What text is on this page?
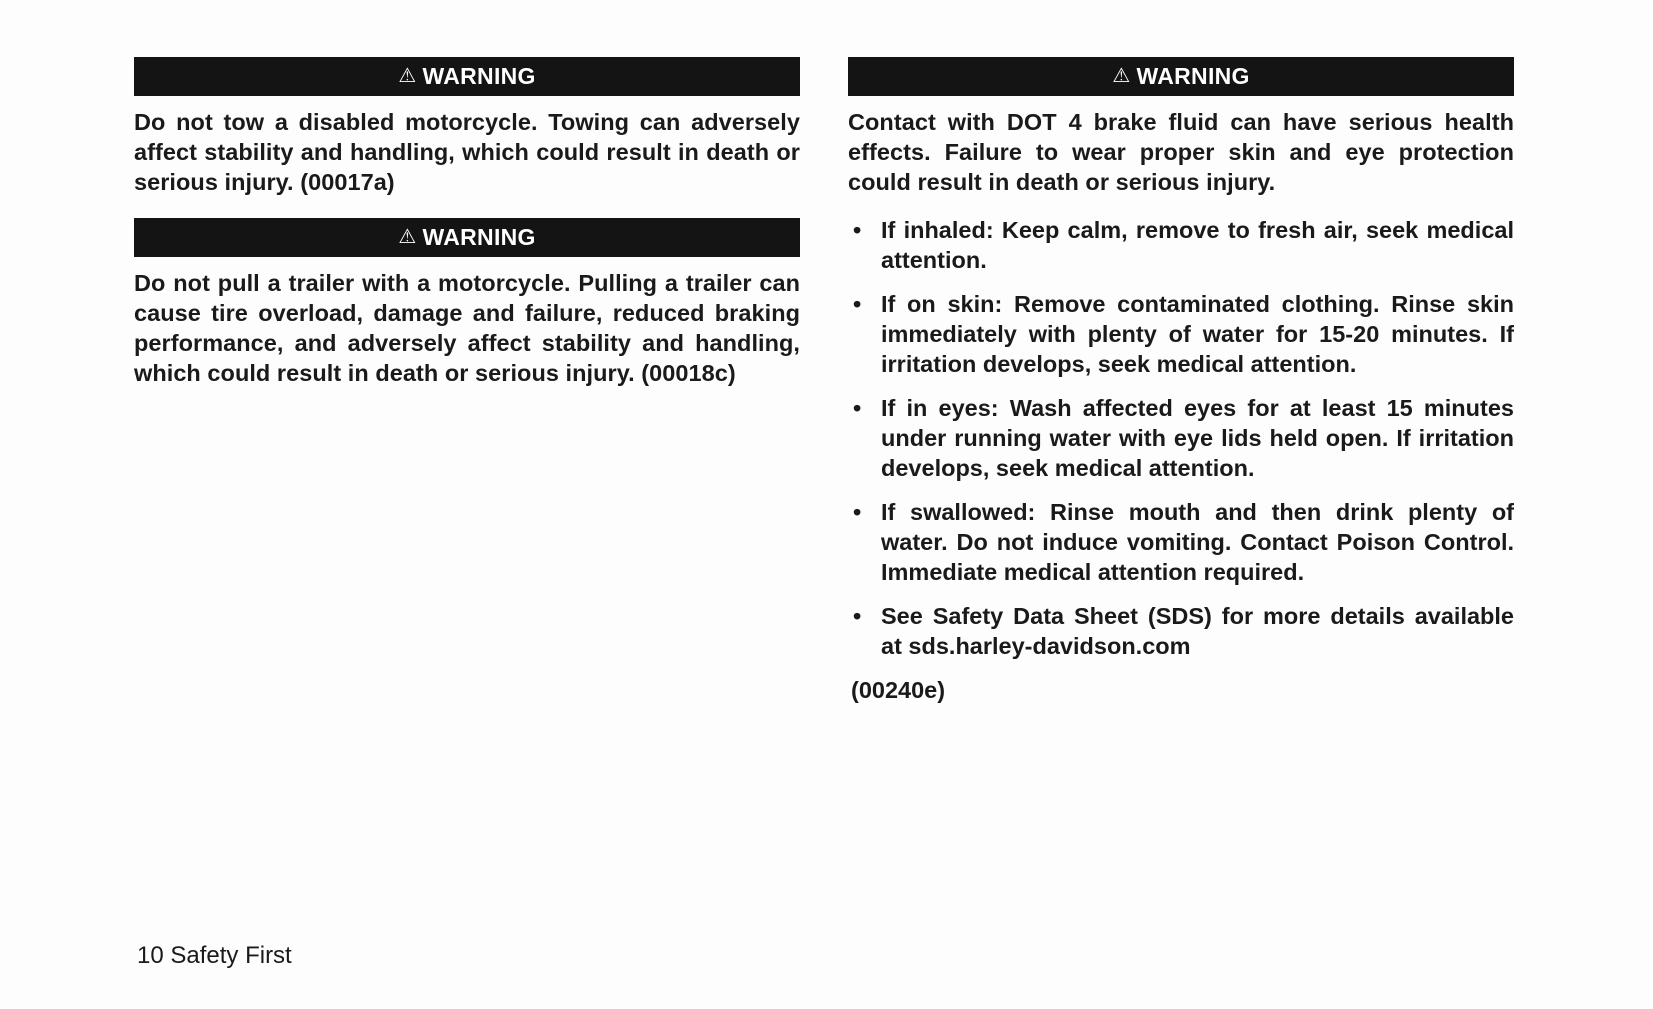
⚠ WARNING

Do not tow a disabled motorcycle. Towing can adversely affect stability and handling, which could result in death or serious injury. (00017a)

⚠ WARNING

Do not pull a trailer with a motorcycle. Pulling a trailer can cause tire overload, damage and failure, reduced braking performance, and adversely affect stability and handling, which could result in death or serious injury. (00018c)

⚠ WARNING

Contact with DOT 4 brake fluid can have serious health effects. Failure to wear proper skin and eye protection could result in death or serious injury.

• If inhaled: Keep calm, remove to fresh air, seek medical attention.
• If on skin: Remove contaminated clothing. Rinse skin immediately with plenty of water for 15-20 minutes. If irritation develops, seek medical attention.
• If in eyes: Wash affected eyes for at least 15 minutes under running water with eye lids held open. If irritation develops, seek medical attention.
• If swallowed: Rinse mouth and then drink plenty of water. Do not induce vomiting. Contact Poison Control. Immediate medical attention required.
• See Safety Data Sheet (SDS) for more details available at sds.harley-davidson.com

(00240e)

10 Safety First
